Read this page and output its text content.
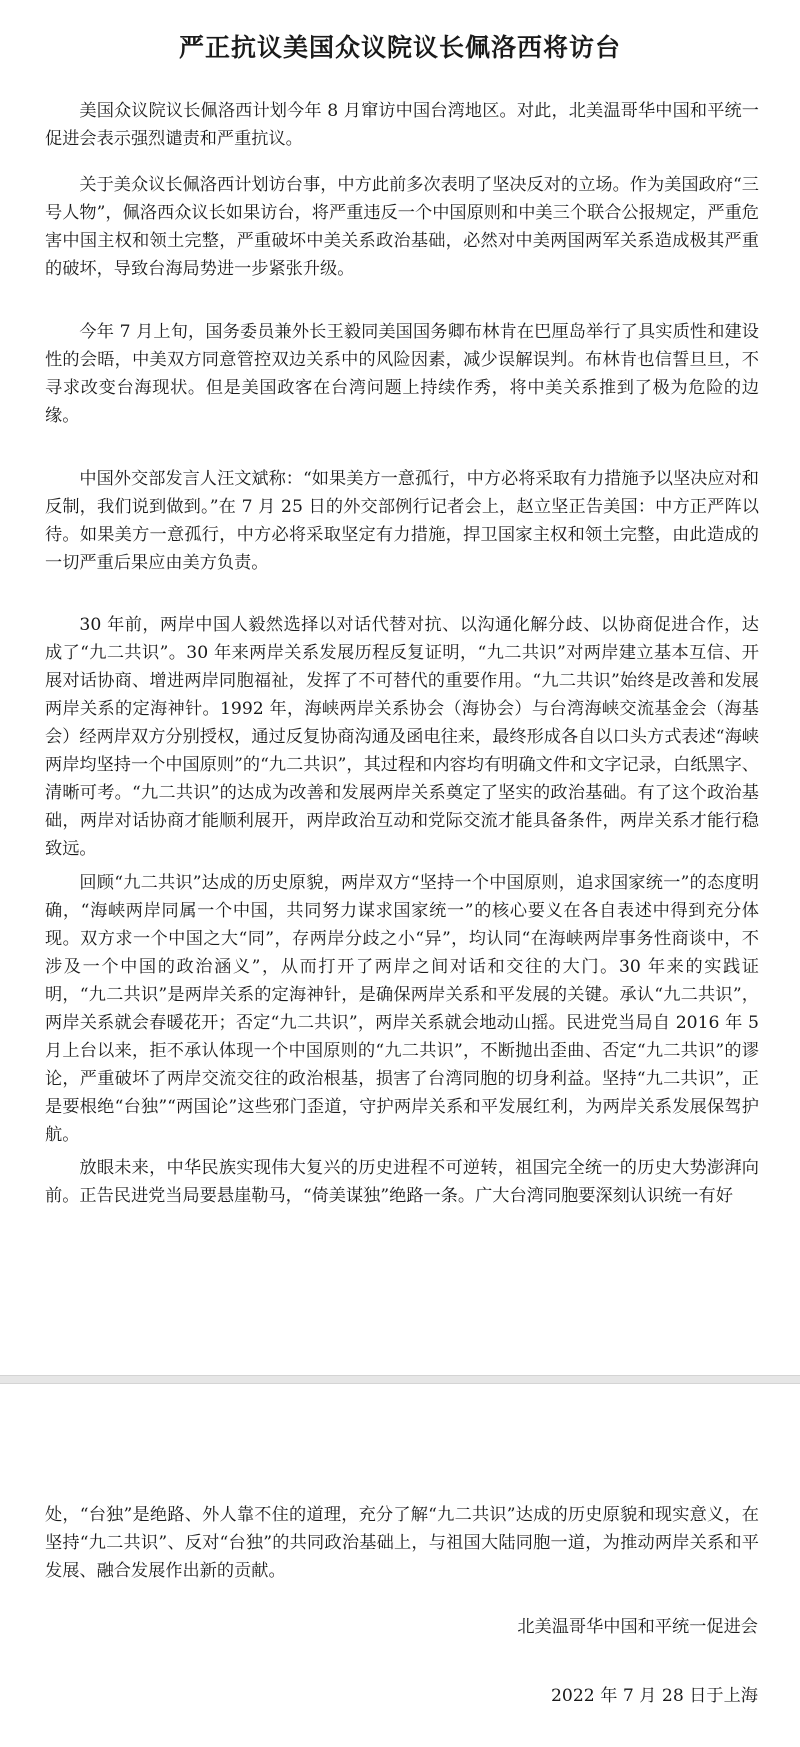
严正抗议美国众议院议长佩洛西将访台

美国众议院议长佩洛西计划今年 8 月窜访中国台湾地区。对此，北美温哥华中国和平统一促进会表示强烈谴责和严重抗议。

关于美众议长佩洛西计划访台事，中方此前多次表明了坚决反对的立场。作为美国政府“三号人物”，佩洛西众议长如果访台，将严重违反一个中国原则和中美三个联合公报规定，严重危害中国主权和领土完整，严重破坏中美关系政治基础，必然对中美两国两军关系造成极其严重的破坏，导致台海局势进一步紧张升级。

今年 7 月上旬，国务委员兼外长王毅同美国国务卿布林肯在巴厘岛举行了具实质性和建设性的会晤，中美双方同意管控双边关系中的风险因素，减少误解误判。布林肯也信誓旦旦，不寻求改变台海现状。但是美国政客在台湾问题上持续作秀，将中美关系推到了极为危险的边缘。

中国外交部发言人汪文斌称：“如果美方一意孤行，中方必将采取有力措施予以坚决应对和反制，我们说到做到。”在 7 月 25 日的外交部例行记者会上，赵立坚正告美国：中方正严阵以待。如果美方一意孤行，中方必将采取坚定有力措施，捍卫国家主权和领土完整，由此造成的一切严重后果应由美方负责。

30 年前，两岸中国人毅然选择以对话代替对抗、以沟通化解分歧、以协商促进合作，达成了“九二共识”。30 年来两岸关系发展历程反复证明，“九二共识”对两岸建立基本互信、开展对话协商、增进两岸同胞福祉，发挥了不可替代的重要作用。“九二共识”始终是改善和发展两岸关系的定海神针。1992 年，海峡两岸关系协会（海协会）与台湾海峡交流基金会（海基会）经两岸双方分别授权，通过反复协商沟通及函电往来，最终形成各自以口头方式表述“海峡两岸均坚持一个中国原则”的“九二共识”，其过程和内容均有明确文件和文字记录，白纸黑字、清晰可考。“九二共识”的达成为改善和发展两岸关系奠定了坚实的政治基础。有了这个政治基础，两岸对话协商才能顺利展开，两岸政治互动和党际交流才能具备条件，两岸关系才能行稳致远。

回顾“九二共识”达成的历史原貌，两岸双方“坚持一个中国原则，追求国家统一”的态度明确，“海峡两岸同属一个中国，共同努力谋求国家统一”的核心要义在各自表述中得到充分体现。双方求一个中国之大“同”，存两岸分歧之小“异”，均认同“在海峡两岸事务性商谈中，不涉及一个中国的政治涵义”，从而打开了两岸之间对话和交往的大门。30 年来的实践证明，“九二共识”是两岸关系的定海神针，是确保两岸关系和平发展的关键。承认“九二共识”，两岸关系就会春暖花开；否定“九二共识”，两岸关系就会地动山摇。民进党当局自 2016 年 5 月上台以来，拒不承认体现一个中国原则的“九二共识”，不断抛出歪曲、否定“九二共识”的谬论，严重破坏了两岸交流交往的政治根基，损害了台湾同胞的切身利益。坚持“九二共识”，正是要根绝“台独”“两国论”这些邪门歪道，守护两岸关系和平发展红利，为两岸关系发展保驾护航。

放眼未来，中华民族实现伟大复兴的历史进程不可逆转，祖国完全统一的历史大势澎湃向前。正告民进党当局要悬崖勒马，“倚美谋独”绝路一条。广大台湾同胞要深刻认识统一有好

处，“台独”是绝路、外人靠不住的道理，充分了解“九二共识”达成的历史原貌和现实意义，在坚持“九二共识”、反对“台独”的共同政治基础上，与祖国大陆同胞一道，为推动两岸关系和平发展、融合发展作出新的贡献。

北美温哥华中国和平统一促进会

2022 年 7 月 28 日于上海
